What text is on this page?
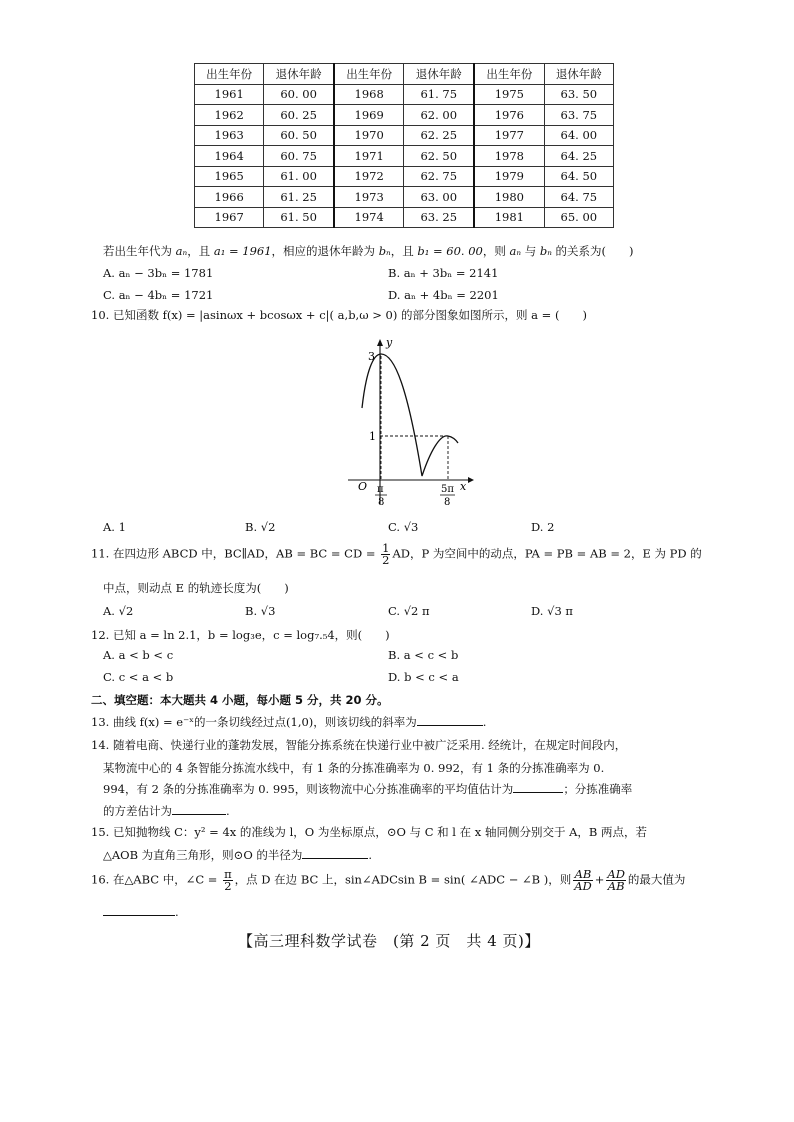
出生年份	退休年龄	出生年份	退休年龄	出生年份	退休年龄
1961	60. 00	1968	61. 75	1975	63. 50
1962	60. 25	1969	62. 00	1976	63. 75
1963	60. 50	1970	62. 25	1977	64. 00
1964	60. 75	1971	62. 50	1978	64. 25
1965	61. 00	1972	62. 75	1979	64. 50
1966	61. 25	1973	63. 00	1980	64. 75
1967	61. 50	1974	63. 25	1981	65. 00
若出生年代为 aₙ，且 a₁ = 1961，相应的退休年龄为 bₙ，且 b₁ = 60. 00，则 aₙ 与 bₙ 的关系为(　　)
A. aₙ − 3bₙ = 1781	B. aₙ + 3bₙ = 2141
C. aₙ − 4bₙ = 1721	D. aₙ + 4bₙ = 2201
10. 已知函数 f(x) = |asinωx + bcosωx + c|( a,b,ω > 0) 的部分图象如图所示，则 a = (　　)
y
x
O
3
1
π
8
5π
8
A. 1	B. √2	C. √3	D. 2
11. 在四边形 ABCD 中，BC∥AD，AB = BC = CD = $\frac{1}{2}$ AD，P 为空间中的动点，PA = PB = AB = 2，E 为 PD 的
中点，则动点 E 的轨迹长度为(　　)
A. √2	B. √3	C. √2 π	D. √3 π
12. 已知 a = ln 2.1，b = log₃e，c = log₇.₅4，则(　　)
A. a < b < c	B. a < c < b
C. c < a < b	D. b < c < a
二、填空题：本大题共 4 小题，每小题 5 分，共 20 分。
13. 曲线 f(x) = e⁻ˣ的一条切线经过点(1,0)，则该切线的斜率为	.
14. 随着电商、快递行业的蓬勃发展，智能分拣系统在快递行业中被广泛采用. 经统计，在规定时间段内，
某物流中心的 4 条智能分拣流水线中，有 1 条的分拣准确率为 0. 992，有 1 条的分拣准确率为 0.
994，有 2 条的分拣准确率为 0. 995，则该物流中心分拣准确率的平均值估计为	；分拣准确率
的方差估计为	.
15. 已知抛物线 C：y² = 4x 的准线为 l，O 为坐标原点，⊙O 与 C 和 l 在 x 轴同侧分别交于 A，B 两点，若
△AOB 为直角三角形，则⊙O 的半径为	.
16. 在△ABC 中，∠C = $\frac{\pi}{2}$ ，点 D 在边 BC 上，sin∠ADCsin B = sin( ∠ADC − ∠B )，则 $\frac{AB}{AD} + \frac{AD}{AB}$ 的最大值为
.
【高三理科数学试卷　(第 2 页　共 4 页)】
